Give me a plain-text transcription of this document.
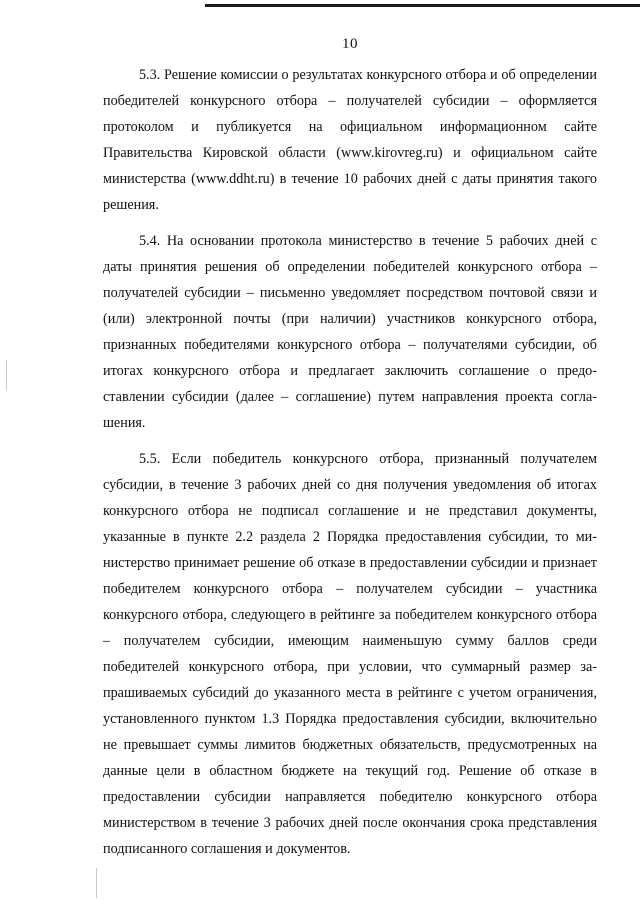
10

5.3. Решение комиссии о результатах конкурсного отбора и об определении победителей конкурсного отбора – получателей субсидии – оформляется протоколом и публикуется на официальном информационном сайте Правительства Кировской области (www.kirovreg.ru) и официальном сайте министерства (www.ddht.ru) в течение 10 рабочих дней с даты принятия такого решения.

5.4. На основании протокола министерство в течение 5 рабочих дней с даты принятия решения об определении победителей конкурсного отбора – получателей субсидии – письменно уведомляет посредством почтовой связи и (или) электронной почты (при наличии) участников конкурсного отбора, признанных победителями конкурсного отбора – получателями субсидии, об итогах конкурсного отбора и предлагает заключить соглашение о предоставлении субсидии (далее – соглашение) путем направления проекта соглашения.

5.5. Если победитель конкурсного отбора, признанный получателем субсидии, в течение 3 рабочих дней со дня получения уведомления об итогах конкурсного отбора не подписал соглашение и не представил документы, указанные в пункте 2.2 раздела 2 Порядка предоставления субсидии, то министерство принимает решение об отказе в предоставлении субсидии и признает победителем конкурсного отбора – получателем субсидии – участника конкурсного отбора, следующего в рейтинге за победителем конкурсного отбора – получателем субсидии, имеющим наименьшую сумму баллов среди победителей конкурсного отбора, при условии, что суммарный размер запрашиваемых субсидий до указанного места в рейтинге с учетом ограничения, установленного пунктом 1.3 Порядка предоставления субсидии, включительно не превышает суммы лимитов бюджетных обязательств, предусмотренных на данные цели в областном бюджете на текущий год. Решение об отказе в предоставлении субсидии направляется победителю конкурсного отбора министерством в течение 3 рабочих дней после окончания срока представления подписанного соглашения и документов.
